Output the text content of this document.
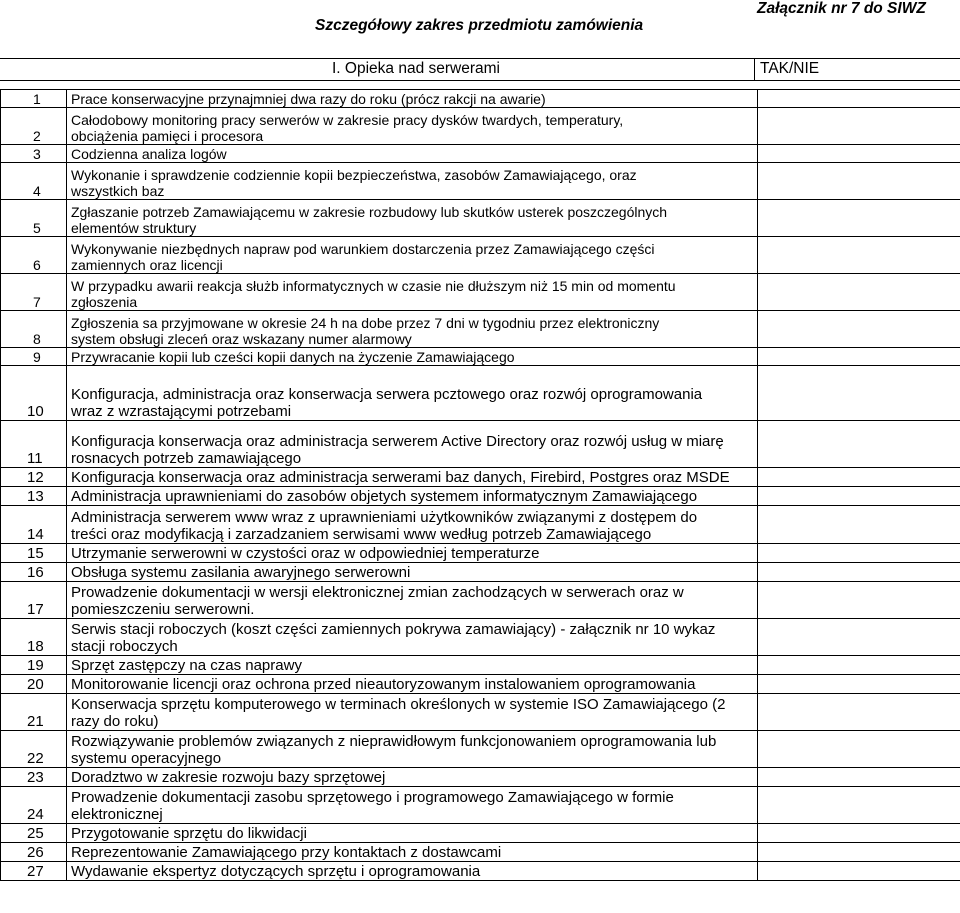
Szczegółowy zakres przedmiotu zamówienia
Załącznik nr 7 do SIWZ
I. Opieka nad serwerami	TAK/NIE
1	Prace konserwacyjne przynajmniej dwa razy do roku (prócz rakcji na awarie)	

2	Całodobowy monitoring pracy serwerów w zakresie pracy dysków twardych, temperatury,
obciążenia pamięci i procesora	

3	Codzienna analiza logów	

4	Wykonanie i sprawdzenie codziennie kopii bezpieczeństwa, zasobów Zamawiającego, oraz
wszystkich baz	

5	Zgłaszanie potrzeb Zamawiającemu w zakresie rozbudowy lub skutków usterek poszczególnych
elementów struktury	

6	Wykonywanie niezbędnych napraw pod warunkiem dostarczenia przez Zamawiającego części
zamiennych oraz licencji	

7	W przypadku awarii reakcja służb informatycznych w czasie nie dłuższym niż 15 min od momentu
zgłoszenia	

8	Zgłoszenia sa przyjmowane w okresie 24 h na dobe przez 7 dni w tygodniu przez elektroniczny
system obsługi zleceń oraz wskazany numer alarmowy	

9	Przywracanie kopii lub cześci kopii danych na życzenie Zamawiającego	

10	Konfiguracja, administracja oraz konserwacja serwera pcztowego oraz rozwój oprogramowania
wraz z wzrastającymi potrzebami	

11	Konfiguracja konserwacja oraz administracja serwerem Active Directory oraz rozwój usług w miarę
rosnacych potrzeb zamawiającego	

12	Konfiguracja konserwacja oraz administracja serwerami baz danych, Firebird, Postgres oraz MSDE	

13	Administracja uprawnieniami do zasobów objetych systemem informatycznym Zamawiającego	

14	Administracja serwerem www wraz z uprawnieniami użytkowników związanymi z dostępem do
treści oraz modyfikacją i zarzadzaniem serwisami www według potrzeb Zamawiającego	

15	Utrzymanie serwerowni w czystości oraz w odpowiedniej temperaturze	

16	Obsługa systemu zasilania awaryjnego serwerowni	

17	Prowadzenie dokumentacji w wersji elektronicznej zmian zachodzących w serwerach oraz w
pomieszczeniu serwerowni.	

18	Serwis stacji roboczych (koszt części zamiennych pokrywa zamawiający) - załącznik nr 10 wykaz
stacji roboczych	

19	Sprzęt zastępczy na czas naprawy	

20	Monitorowanie licencji oraz ochrona przed nieautoryzowanym instalowaniem oprogramowania	

21	Konserwacja sprzętu komputerowego w terminach określonych w systemie ISO Zamawiającego (2
razy do roku)	

22	Rozwiązywanie problemów związanych z nieprawidłowym funkcjonowaniem oprogramowania lub
systemu operacyjnego	

23	Doradztwo w zakresie rozwoju bazy sprzętowej	

24	Prowadzenie dokumentacji zasobu sprzętowego i programowego Zamawiającego w formie
elektronicznej	

25	Przygotowanie sprzętu do likwidacji	

26	Reprezentowanie Zamawiającego przy kontaktach z dostawcami	

27	Wydawanie ekspertyz dotyczących sprzętu i oprogramowania	
